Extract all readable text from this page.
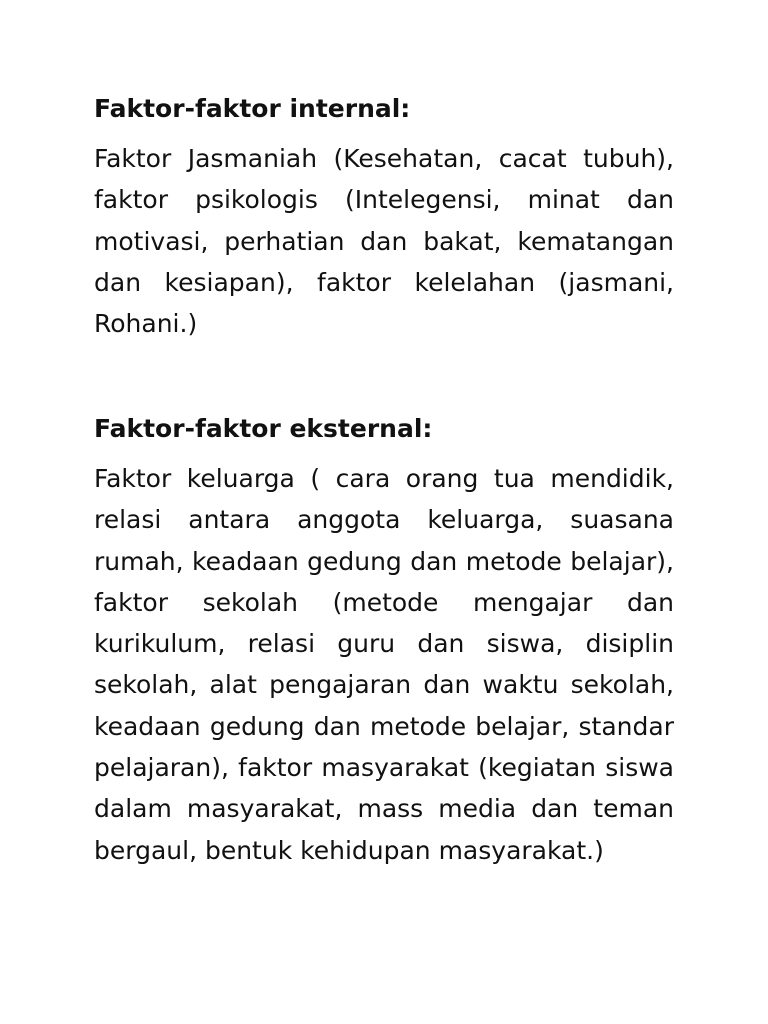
Faktor-faktor internal:

Faktor Jasmaniah (Kesehatan, cacat tubuh), faktor psikologis (Intelegensi, minat dan motivasi, perhatian dan bakat, kematangan dan kesiapan), faktor kelelahan (jasmani, Rohani.)

Faktor-faktor eksternal:

Faktor keluarga ( cara orang tua mendidik, relasi antara anggota keluarga, suasana rumah, keadaan gedung dan metode belajar), faktor sekolah (metode mengajar dan kurikulum, relasi guru dan siswa, disiplin sekolah, alat pengajaran dan waktu sekolah, keadaan gedung dan metode belajar, standar pelajaran), faktor masyarakat (kegiatan siswa dalam masyarakat, mass media dan teman bergaul, bentuk kehidupan masyarakat.)
